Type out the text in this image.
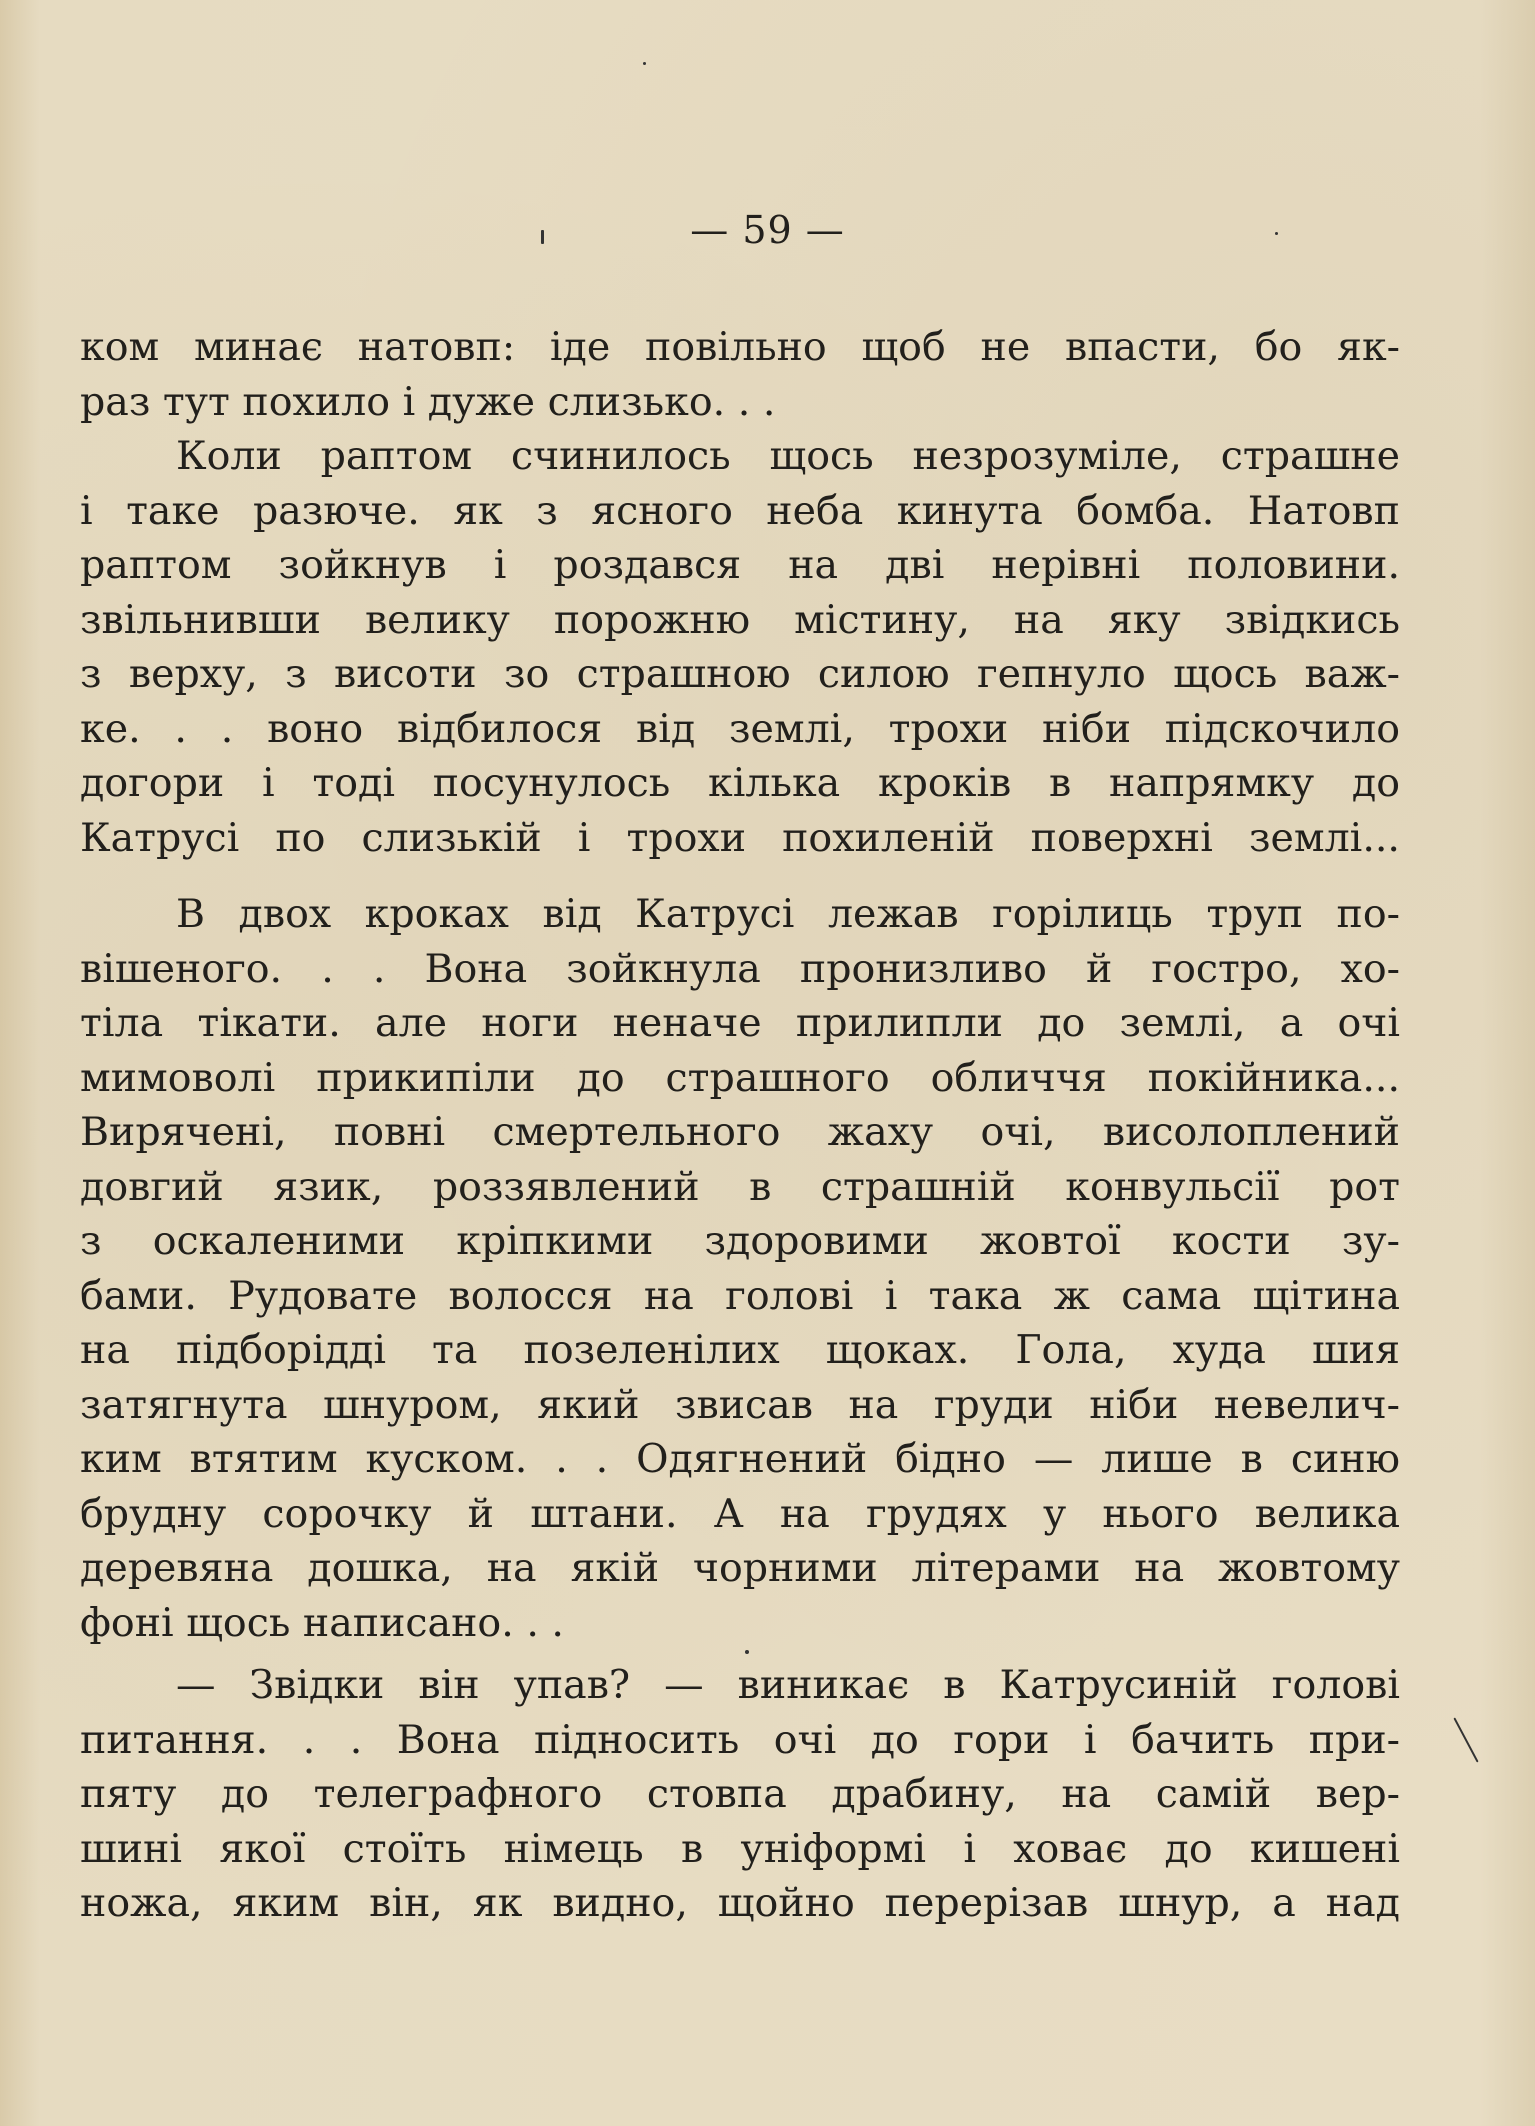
— 59 —
ком минає натовп: іде повільно щоб не впасти, бо як-
раз тут похило і дуже слизько. . .
Коли раптом счинилось щось незрозуміле, страшне
і таке разюче. як з ясного неба кинута бомба. Натовп
раптом зойкнув і роздався на дві нерівні половини.
звільнивши велику порожню містину, на яку звідкись
з верху, з висоти зо страшною силою гепнуло щось важ-
ке. . . воно відбилося від землі, трохи ніби підскочило
догори і тоді посунулось кілька кроків в напрямку до
Катрусі по слизькій і трохи похиленій поверхні землі...
В двох кроках від Катрусі лежав горілиць труп по-
вішеного. . . Вона зойкнула пронизливо й гостро, хо-
тіла тікати. але ноги неначе прилипли до землі, а очі
мимоволі прикипіли до страшного обличчя покійника...
Вирячені, повні смертельного жаху очі, висолоплений
довгий язик, роззявлений в страшній конвульсії рот
з оскаленими кріпкими здоровими жовтої кости зу-
бами. Рудовате волосся на голові і така ж сама щітина
на підборідді та позеленілих щоках. Гола, худа шия
затягнута шнуром, який звисав на груди ніби невелич-
ким втятим куском. . . Одягнений бідно — лише в синю
брудну сорочку й штани. А на грудях у нього велика
деревяна дошка, на якій чорними літерами на жовтому
фоні щось написано. . .
— Звідки він упав? — виникає в Катрусиній голові
питання. . . Вона підносить очі до гори і бачить при-
пяту до телеграфного стовпа драбину, на самій вер-
шині якої стоїть німець в уніформі і ховає до кишені
ножа, яким він, як видно, щойно перерізав шнур, а над
